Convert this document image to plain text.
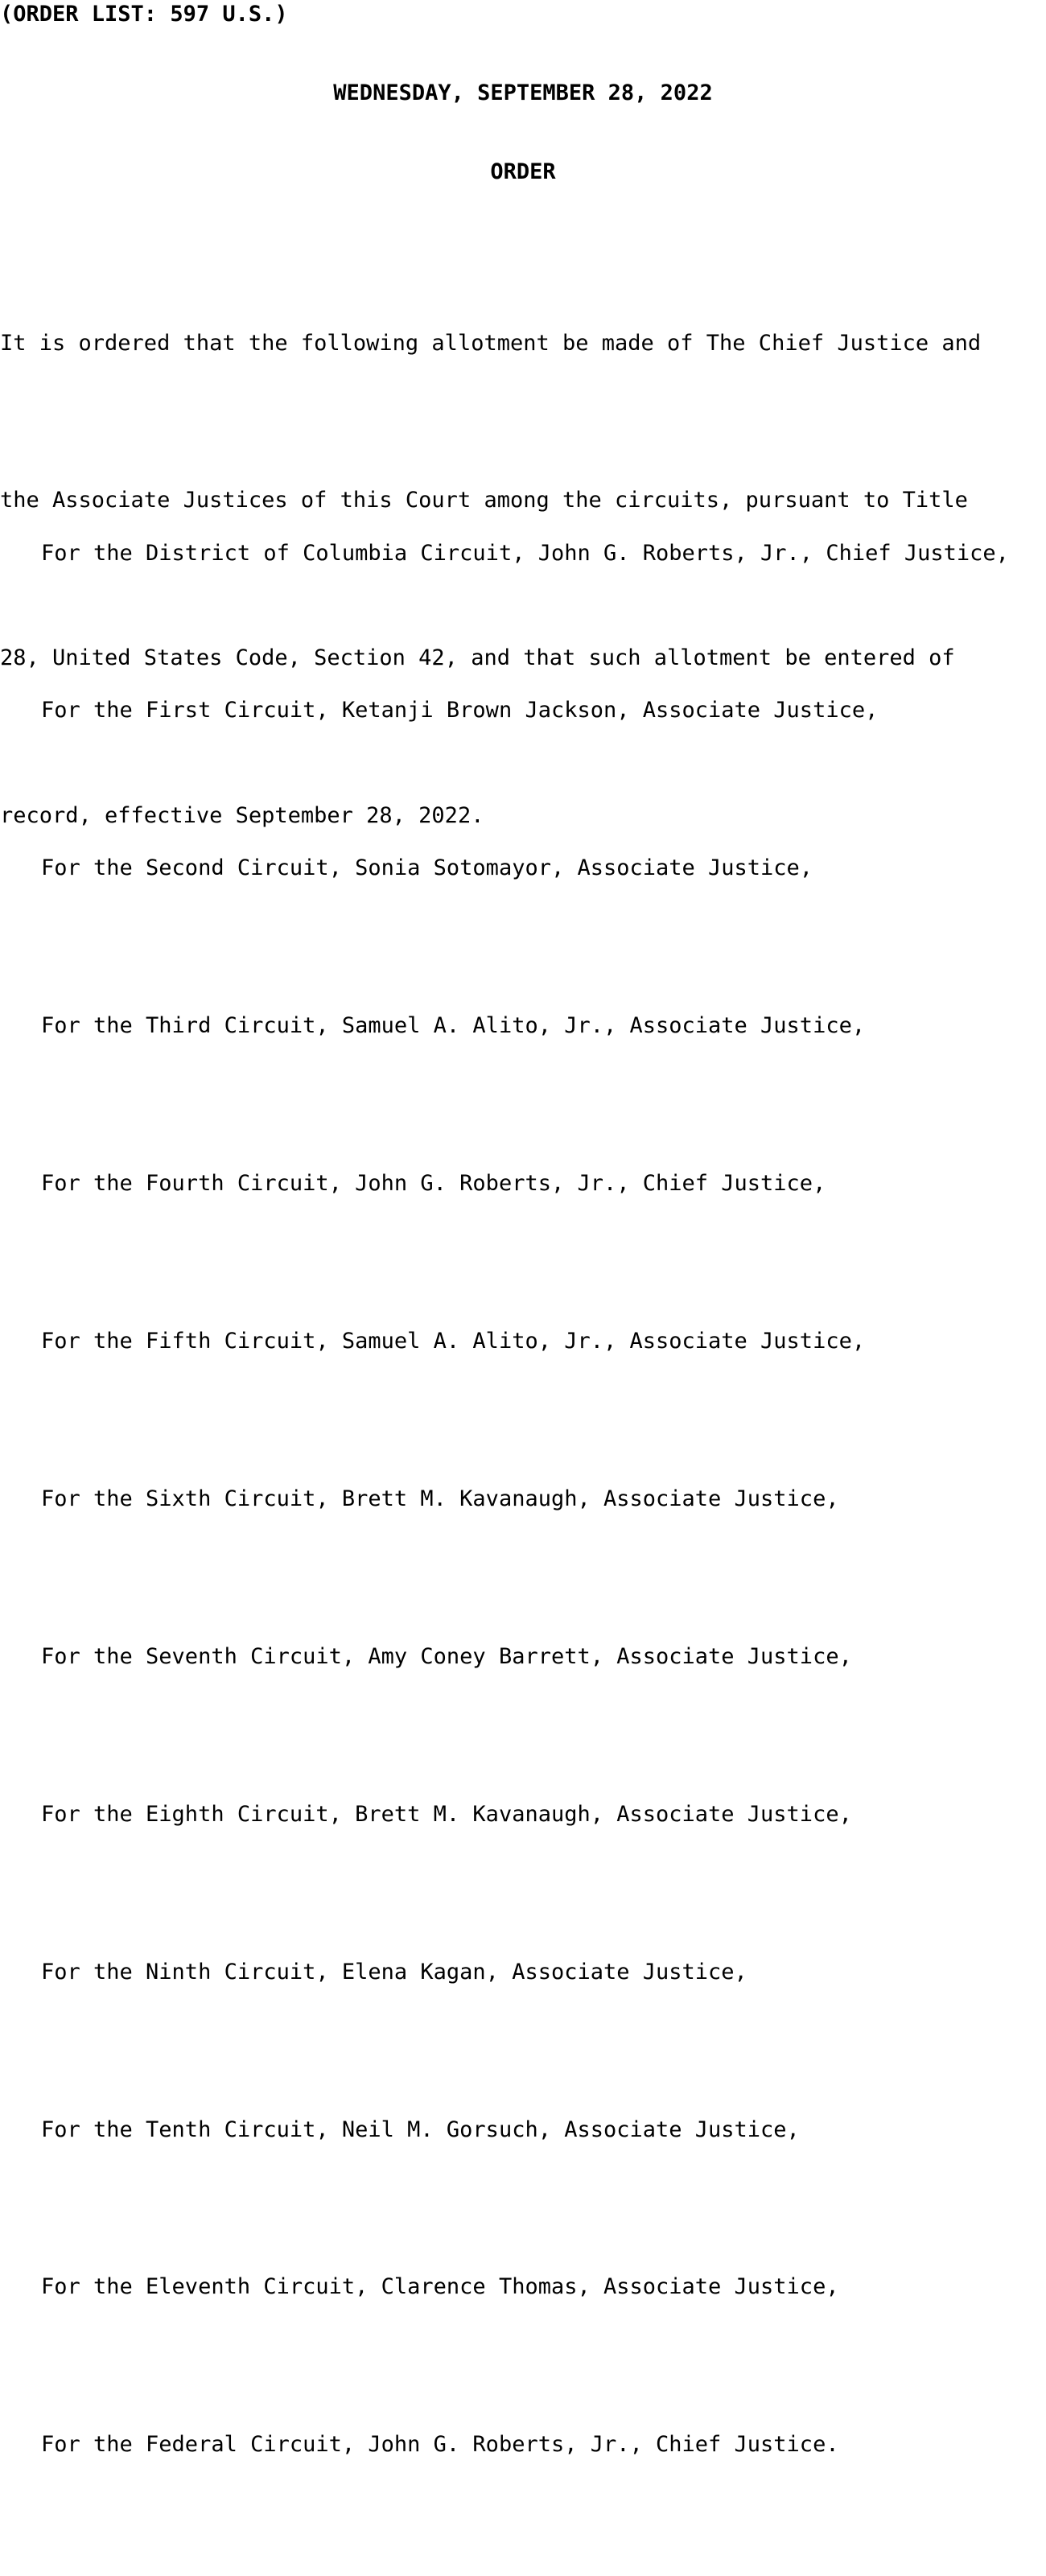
(ORDER LIST: 597 U.S.)
WEDNESDAY, SEPTEMBER 28, 2022
ORDER

It is ordered that the following allotment be made of The Chief Justice and

the Associate Justices of this Court among the circuits, pursuant to Title

28, United States Code, Section 42, and that such allotment be entered of

record, effective September 28, 2022.

For the District of Columbia Circuit, John G. Roberts, Jr., Chief Justice,

For the First Circuit, Ketanji Brown Jackson, Associate Justice,

For the Second Circuit, Sonia Sotomayor, Associate Justice,

For the Third Circuit, Samuel A. Alito, Jr., Associate Justice,

For the Fourth Circuit, John G. Roberts, Jr., Chief Justice,

For the Fifth Circuit, Samuel A. Alito, Jr., Associate Justice,

For the Sixth Circuit, Brett M. Kavanaugh, Associate Justice,

For the Seventh Circuit, Amy Coney Barrett, Associate Justice,

For the Eighth Circuit, Brett M. Kavanaugh, Associate Justice,

For the Ninth Circuit, Elena Kagan, Associate Justice,

For the Tenth Circuit, Neil M. Gorsuch, Associate Justice,

For the Eleventh Circuit, Clarence Thomas, Associate Justice,

For the Federal Circuit, John G. Roberts, Jr., Chief Justice.
